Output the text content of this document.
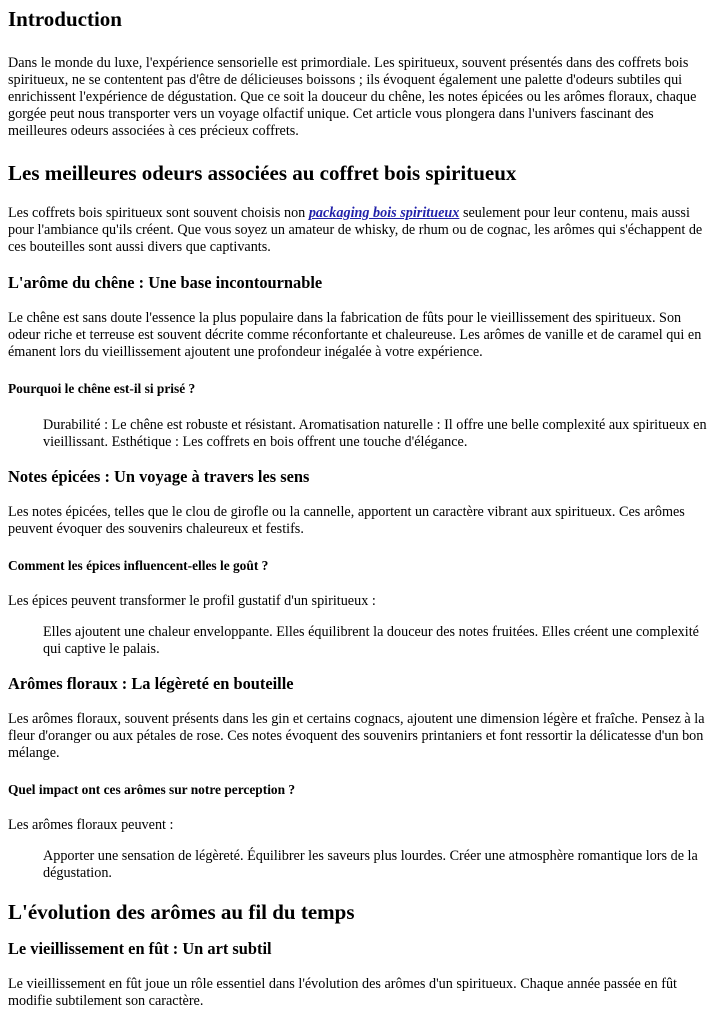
Introduction

Dans le monde du luxe, l'expérience sensorielle est primordiale. Les spiritueux, souvent présentés dans des coffrets bois spiritueux, ne se contentent pas d'être de délicieuses boissons ; ils évoquent également une palette d'odeurs subtiles qui enrichissent l'expérience de dégustation. Que ce soit la douceur du chêne, les notes épicées ou les arômes floraux, chaque gorgée peut nous transporter vers un voyage olfactif unique. Cet article vous plongera dans l'univers fascinant des meilleures odeurs associées à ces précieux coffrets.

Les meilleures odeurs associées au coffret bois spiritueux

Les coffrets bois spiritueux sont souvent choisis non packaging bois spiritueux seulement pour leur contenu, mais aussi pour l'ambiance qu'ils créent. Que vous soyez un amateur de whisky, de rhum ou de cognac, les arômes qui s'échappent de ces bouteilles sont aussi divers que captivants.

L'arôme du chêne : Une base incontournable

Le chêne est sans doute l'essence la plus populaire dans la fabrication de fûts pour le vieillissement des spiritueux. Son odeur riche et terreuse est souvent décrite comme réconfortante et chaleureuse. Les arômes de vanille et de caramel qui en émanent lors du vieillissement ajoutent une profondeur inégalée à votre expérience.

Pourquoi le chêne est-il si prisé ?

Durabilité : Le chêne est robuste et résistant. Aromatisation naturelle : Il offre une belle complexité aux spiritueux en vieillissant. Esthétique : Les coffrets en bois offrent une touche d'élégance.

Notes épicées : Un voyage à travers les sens

Les notes épicées, telles que le clou de girofle ou la cannelle, apportent un caractère vibrant aux spiritueux. Ces arômes peuvent évoquer des souvenirs chaleureux et festifs.

Comment les épices influencent-elles le goût ?

Les épices peuvent transformer le profil gustatif d'un spiritueux :

Elles ajoutent une chaleur enveloppante. Elles équilibrent la douceur des notes fruitées. Elles créent une complexité qui captive le palais.

Arômes floraux : La légèreté en bouteille

Les arômes floraux, souvent présents dans les gin et certains cognacs, ajoutent une dimension légère et fraîche. Pensez à la fleur d'oranger ou aux pétales de rose. Ces notes évoquent des souvenirs printaniers et font ressortir la délicatesse d'un bon mélange.

Quel impact ont ces arômes sur notre perception ?

Les arômes floraux peuvent :

Apporter une sensation de légèreté. Équilibrer les saveurs plus lourdes. Créer une atmosphère romantique lors de la dégustation.

L'évolution des arômes au fil du temps
Le vieillissement en fût : Un art subtil

Le vieillissement en fût joue un rôle essentiel dans l'évolution des arômes d'un spiritueux. Chaque année passée en fût modifie subtilement son caractère.
